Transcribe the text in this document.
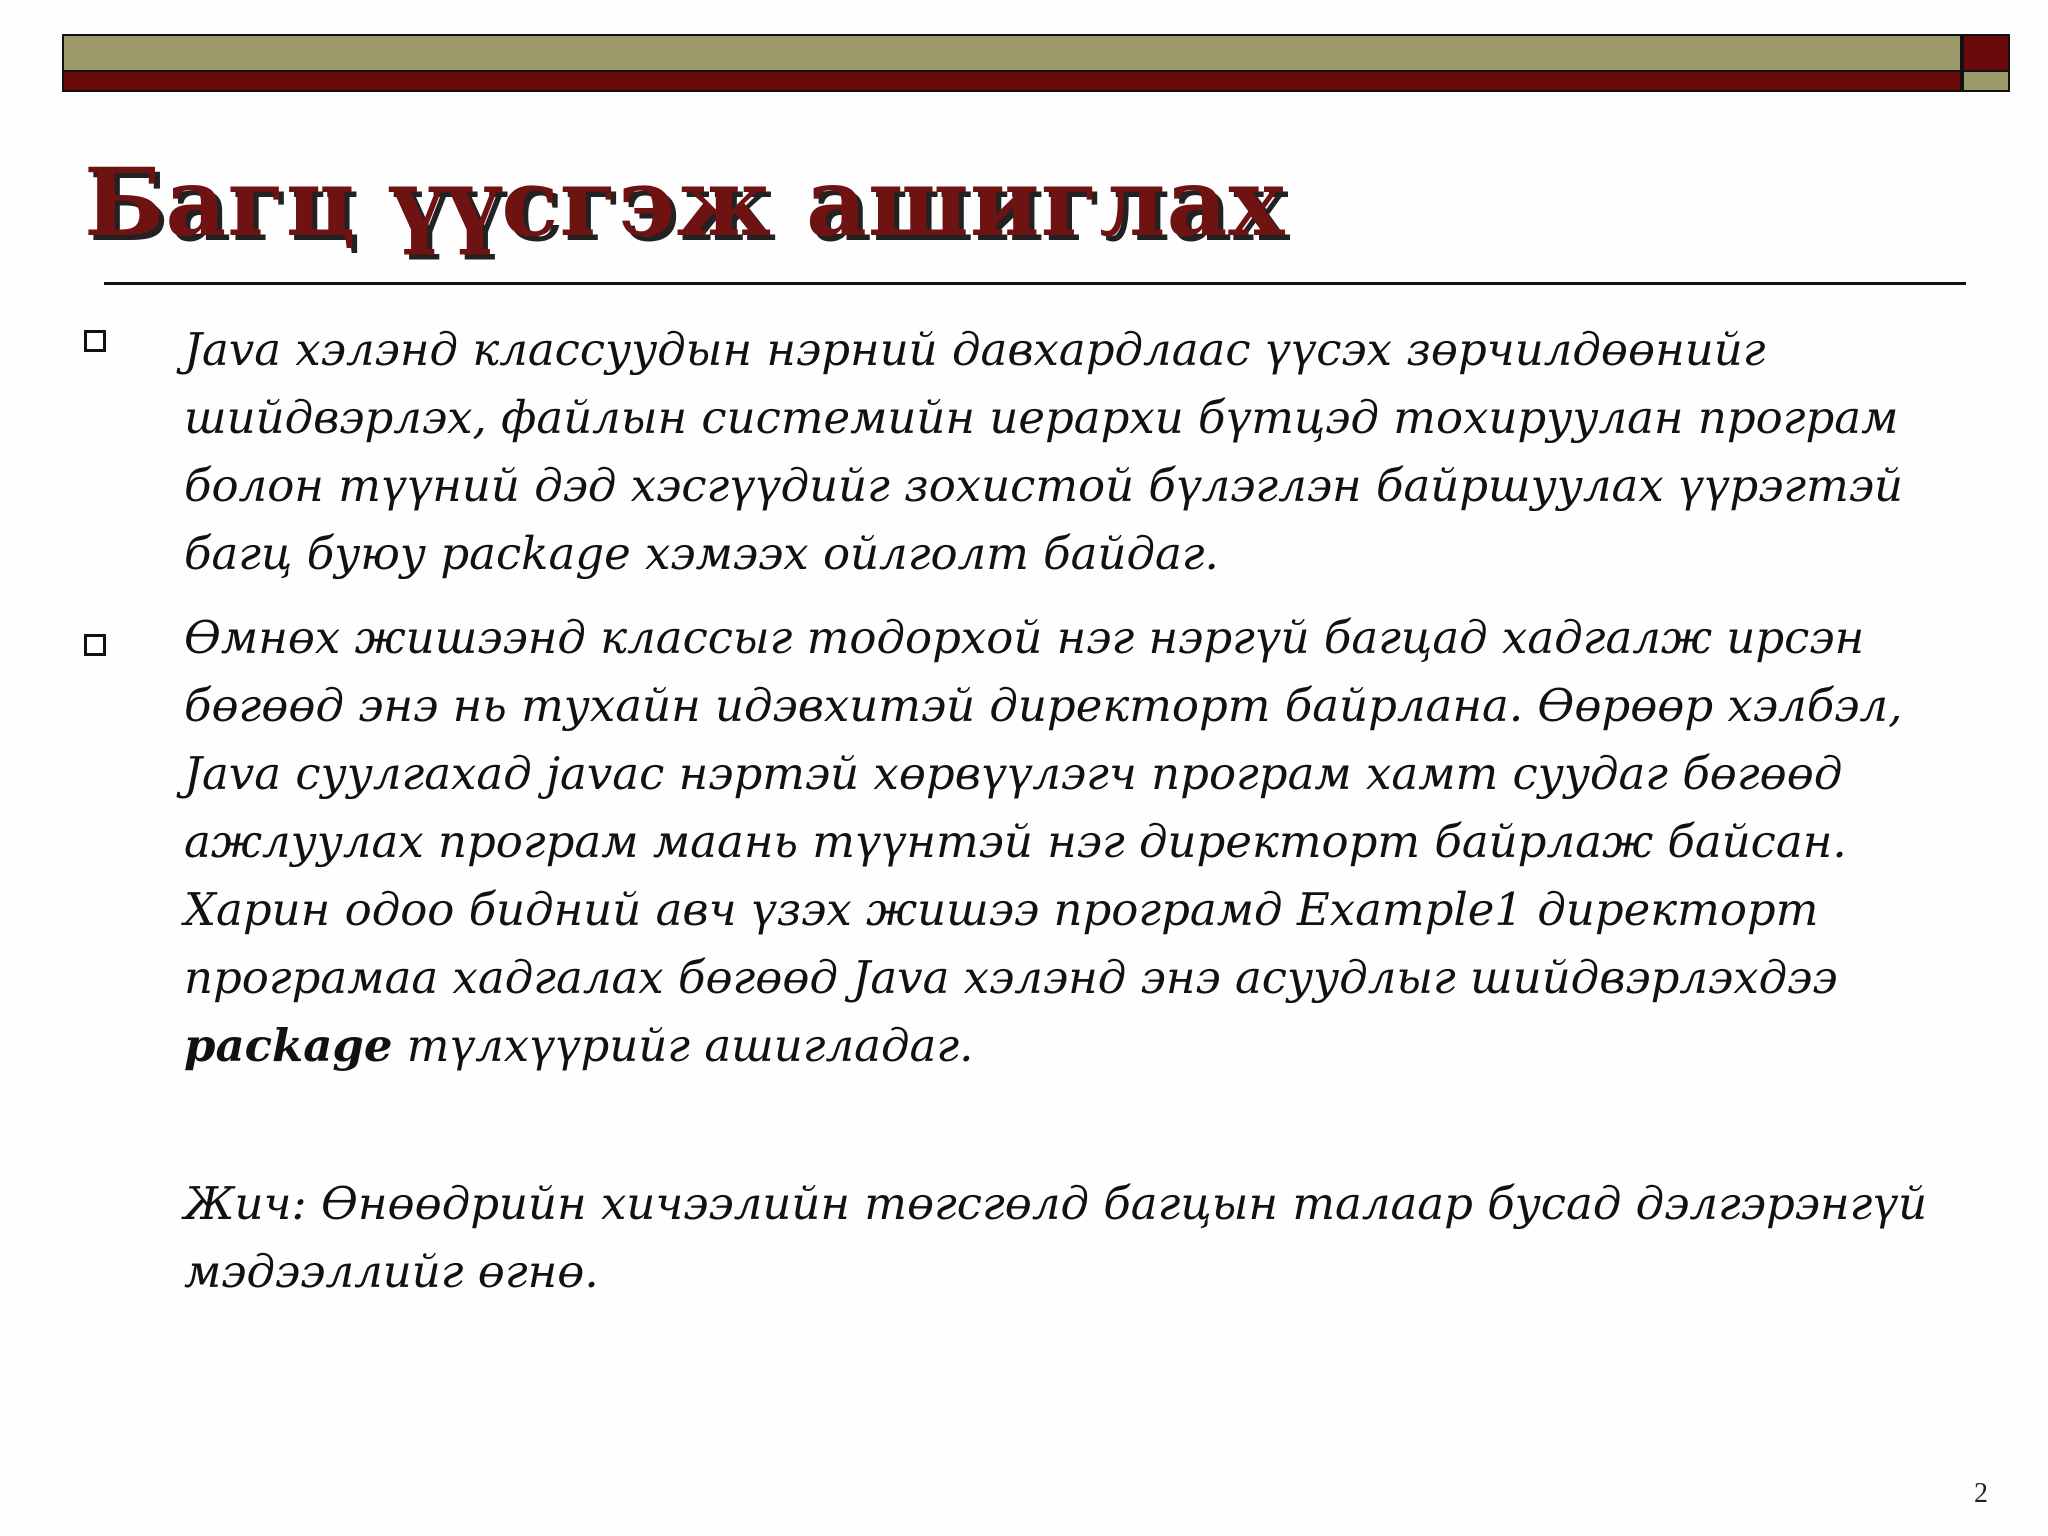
Багц үүсгэж ашиглах

Java хэлэнд классуудын нэрний давхардлаас үүсэх зөрчилдөөнийг шийдвэрлэх, файлын системийн иерархи бүтцэд тохируулан програм болон түүний дэд хэсгүүдийг зохистой бүлэглэн байршуулах үүрэгтэй багц буюу package хэмээх ойлголт байдаг.

Өмнөх жишээнд классыг тодорхой нэг нэргүй багцад хадгалж ирсэн бөгөөд энэ нь тухайн идэвхитэй директорт байрлана. Өөрөөр хэлбэл, Java суулгахад javac нэртэй хөрвүүлэгч програм хамт суудаг бөгөөд ажлуулах програм маань түүнтэй нэг директорт байрлаж байсан. Харин одоо бидний авч үзэх жишээ програмд Example1 директорт програмаа хадгалах бөгөөд Java хэлэнд энэ асуудлыг шийдвэрлэхдээ package түлхүүрийг ашигладаг.

Жич: Өнөөдрийн хичээлийн төгсгөлд багцын талаар бусад дэлгэрэнгүй мэдээллийг өгнө.

2
